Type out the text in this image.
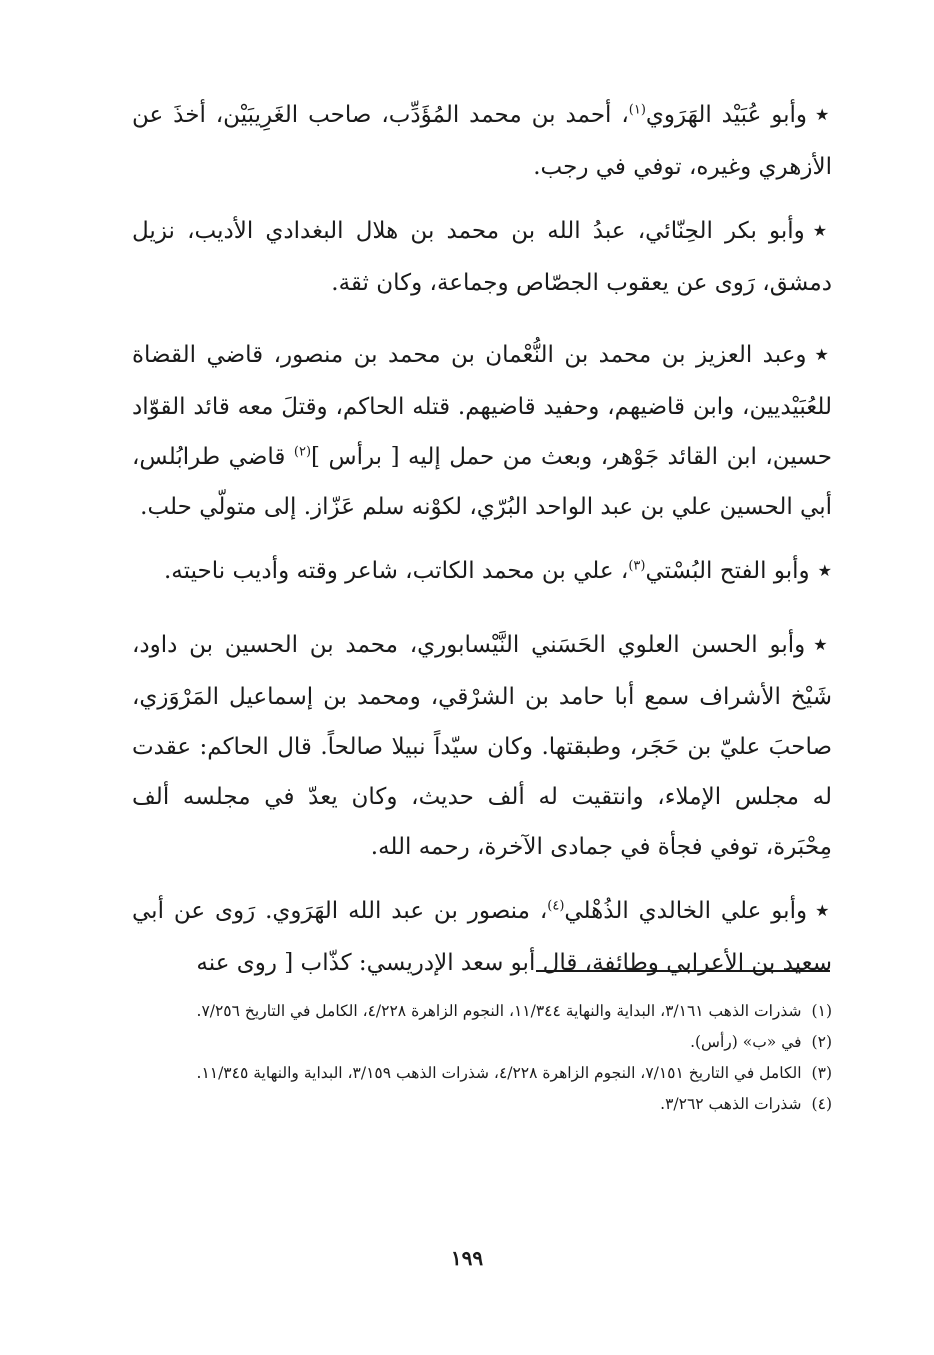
★وأبو عُبَيْد الهَرَوي$^{(١)}$، أحمد بن محمد المُؤَدِّب، صاحب الغَرِيبَيْن، أخذَ عن الأزهري وغيره، توفي في رجب.

★وأبو بكر الحِنّائي، عبدُ الله بن محمد بن هلال البغدادي الأديب، نزيل دمشق، رَوى عن يعقوب الجصّاص وجماعة، وكان ثقة.

★وعبد العزيز بن محمد بن النُّعْمان بن محمد بن منصور، قاضي القضاة للعُبَيْديين، وابن قاضيهم، وحفيد قاضيهم. قتله الحاكم، وقتلَ معه قائد القوّاد حسين، ابن القائد جَوْهر، وبعث من حمل إليه [ برأس ]$^{(٢)}$ قاضي طرابُلس، أبي الحسين علي بن عبد الواحد البُرّي، لكوْنه سلم عَزّاز. إلى متولّي حلب.

★وأبو الفتح البُسْتي$^{(٣)}$، علي بن محمد الكاتب، شاعر وقته وأديب ناحيته.

★وأبو الحسن العلوي الحَسَني النَّيْسابوري، محمد بن الحسين بن داود، شَيْخ الأشراف سمع أبا حامد بن الشرْقي، ومحمد بن إسماعيل المَرْوَزي، صاحبَ عليّ بن حَجَر، وطبقتها. وكان سيّداً نبيلا صالحاً. قال الحاكم: عقدت له مجلس الإملاء، وانتقيت له ألف حديث، وكان يعدّ في مجلسه ألف مِحْبَرة، توفي فجأة في جمادى الآخرة، رحمه الله.

★وأبو علي الخالدي الذُهْلي$^{(٤)}$، منصور بن عبد الله الهَرَوي. رَوى عن أبي سعيد بن الأعرابي وطائفة، قال أبو سعد الإدريسي: كذّاب [ روى عنه

(١)
شذرات الذهب ٣/١٦١، البداية والنهاية ١١/٣٤٤، النجوم الزاهرة ٤/٢٢٨، الكامل في التاريخ ٧/٢٥٦.
(٢)
في «ب» (رأس).
(٣)
الكامل في التاريخ ٧/١٥١، النجوم الزاهرة ٤/٢٢٨، شذرات الذهب ٣/١٥٩، البداية والنهاية ١١/٣٤٥.
(٤)
شذرات الذهب ٣/٢٦٢.
١٩٩
